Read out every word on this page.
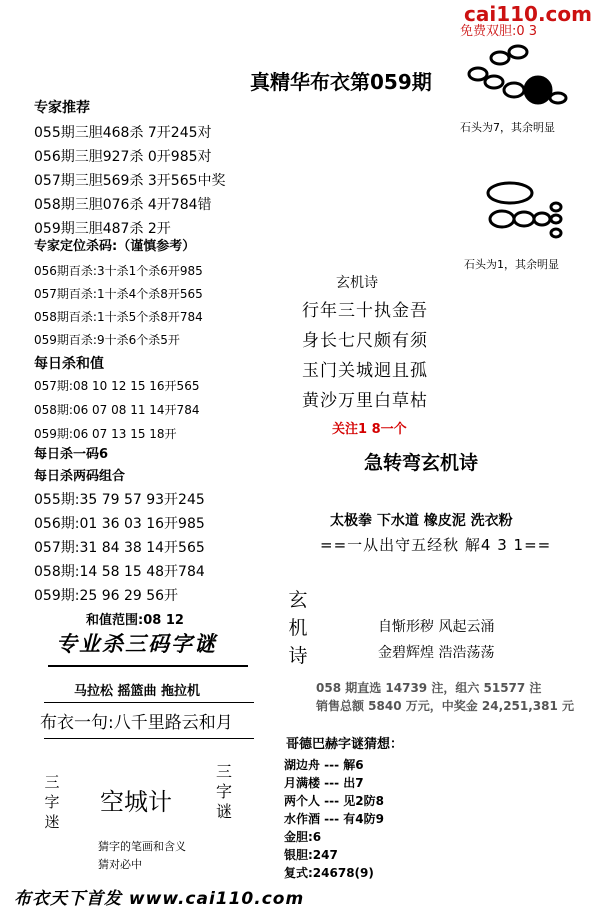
cai110.com
免费双胆:0 3
真精华布衣第059期
专家推荐
055期三胆468杀 7开245对
056期三胆927杀 0开985对
057期三胆569杀 3开565中奖
058期三胆076杀 4开784错
059期三胆487杀 2开
专家定位杀码:（谨慎参考）
056期百杀:3十杀1个杀6开985
057期百杀:1十杀4个杀8开565
058期百杀:1十杀5个杀8开784
059期百杀:9十杀6个杀5开
每日杀和值
057期:08 10 12 15 16开565
058期:06 07 08 11 14开784
059期:06 07 13 15 18开
每日杀一码6
每日杀两码组合
055期:35 79 57 93开245
056期:01 36 03 16开985
057期:31 84 38 14开565
058期:14 58 15 48开784
059期:25 96 29 56开
和值范围:08 12
专业杀三码字谜
马拉松 摇篮曲 拖拉机
布衣一句:八千里路云和月
三字迷
空城计
三字谜
猜字的笔画和含义
猜对必中
布衣天下首发 www.cai110.com
石头为7，其余明显
石头为1，其余明显
玄机诗
行年三十执金吾
身长七尺颇有须
玉门关城迥且孤
黄沙万里白草枯
关注1 8一个
急转弯玄机诗
太极拳 下水道 橡皮泥 洗衣粉
==一从出守五经秋 解4 3 1==
玄机诗
自惭形秽 风起云涌
金碧辉煌 浩浩荡荡
058 期直选 14739 注，组六 51577 注
销售总额 5840 万元，中奖金 24,251,381 元
哥德巴赫字谜猜想：
湖边舟 --- 解6
月满楼 --- 出7
两个人 --- 见2防8
水作酒 --- 有4防9
金胆:6
银胆:247
复式:24678(9)
